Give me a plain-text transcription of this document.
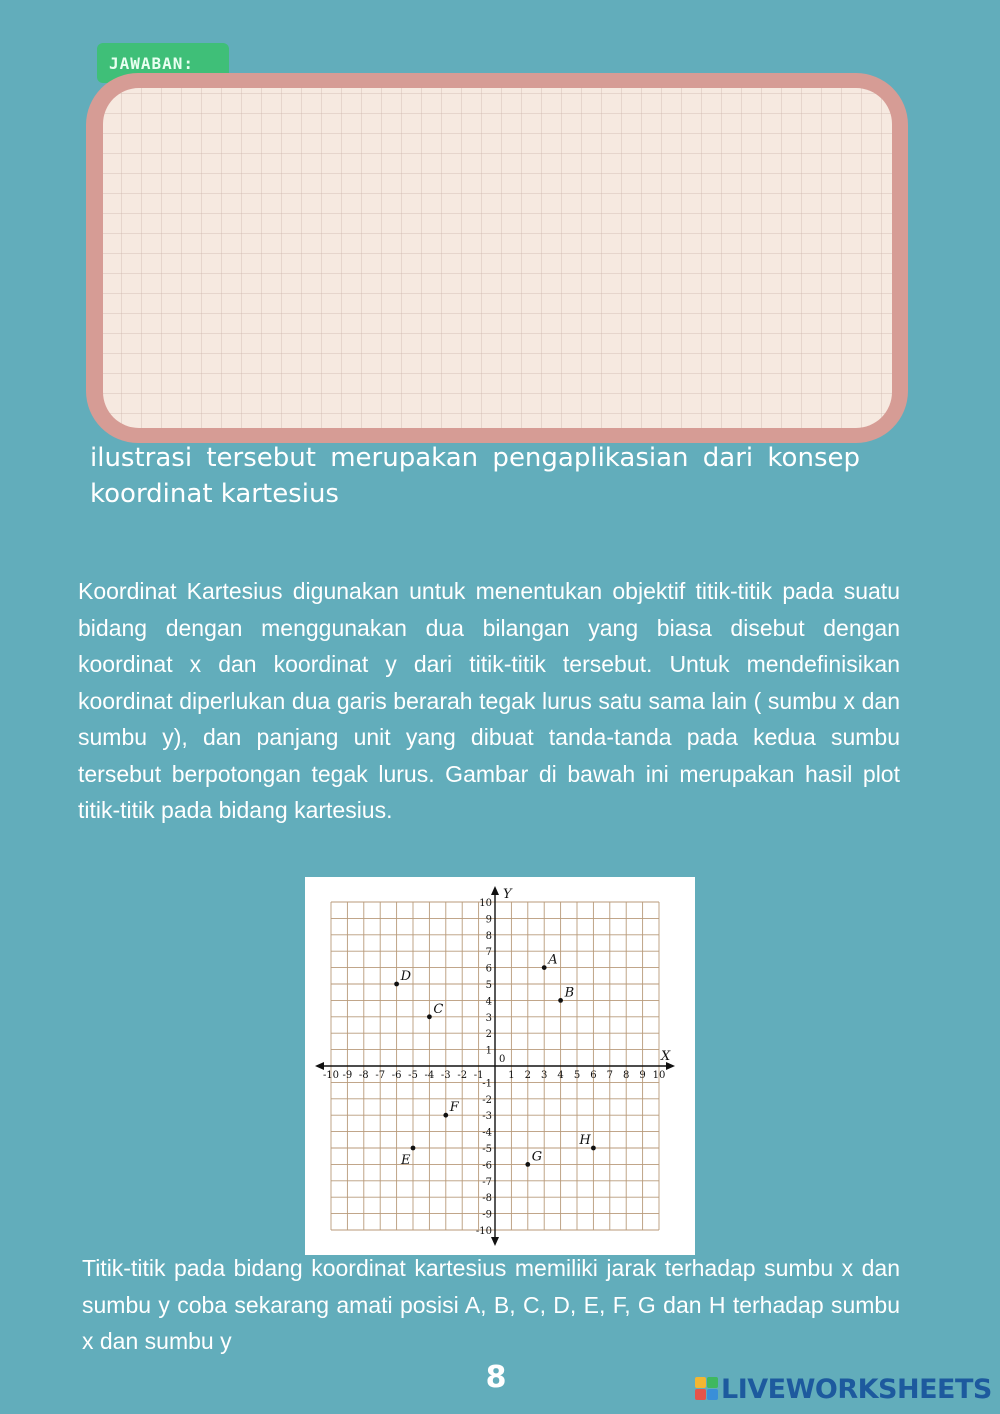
JAWABAN:
ilustrasi tersebut merupakan pengaplikasian dari konsep koordinat kartesius
Koordinat Kartesius digunakan untuk menentukan objektif titik-titik pada suatu bidang dengan menggunakan dua bilangan yang biasa disebut dengan koordinat x dan koordinat y dari titik-titik tersebut. Untuk mendefinisikan koordinat diperlukan dua garis berarah tegak lurus satu sama lain ( sumbu x dan sumbu y), dan panjang unit yang dibuat tanda-tanda pada kedua sumbu tersebut berpotongan tegak lurus. Gambar di bawah ini merupakan hasil plot titik-titik pada bidang kartesius.
X
Y
0
-10 -9 -8 -7 -6 -5 -4 -3 -2 -1 1 2 3 4 5 6 7 8 9 10
-10
-9
-8
-7
-6
-5
-4
-3
-2
-1
1
2
3
4
5
6
7
8
9
10
A
B
C
D
E
F
G
H
Titik-titik pada bidang koordinat kartesius memiliki jarak terhadap sumbu x dan sumbu y coba sekarang amati posisi A, B, C, D, E, F, G dan H terhadap sumbu x dan sumbu y
8	LIVEWORKSHEETS
